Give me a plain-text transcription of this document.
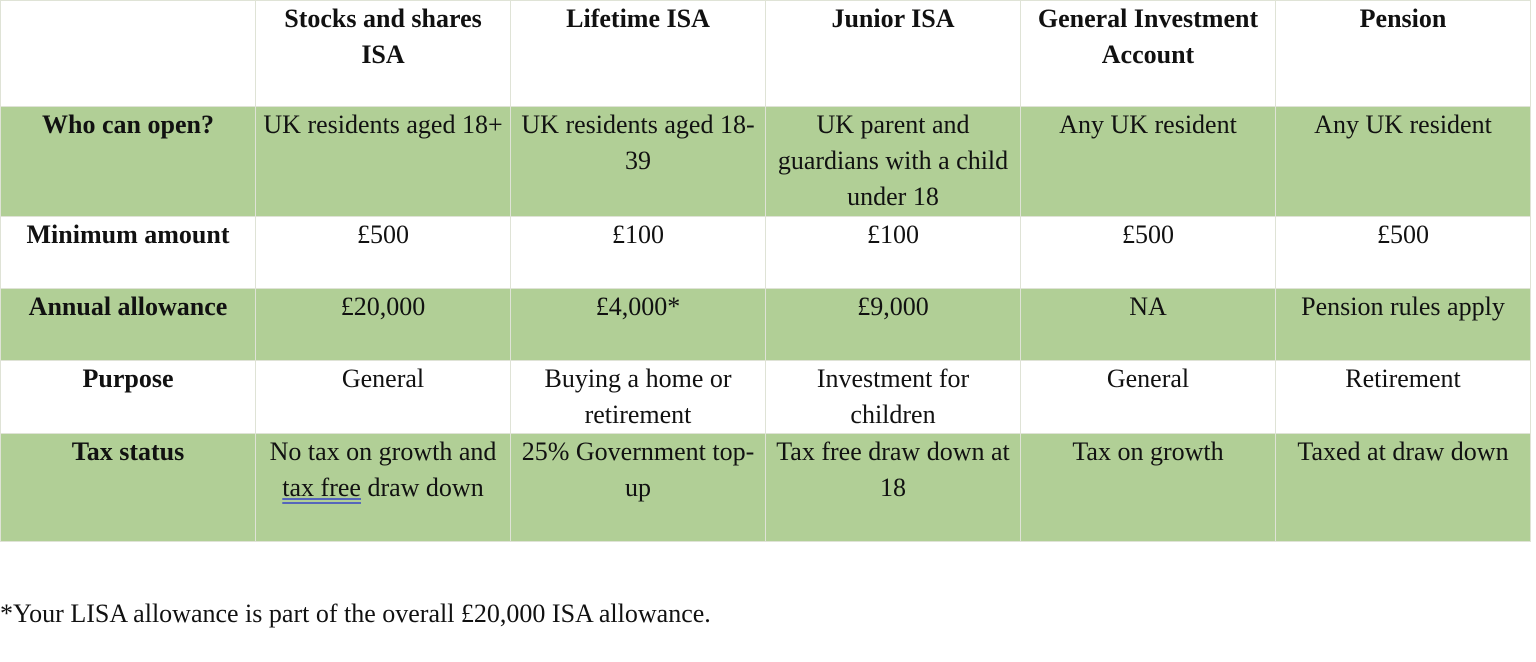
	Stocks and shares ISA	Lifetime ISA	Junior ISA	General Investment Account	Pension
Who can open?	UK residents aged 18+	UK residents aged 18-39	UK parent and guardians with a child under 18	Any UK resident	Any UK resident
Minimum amount	£500	£100	£100	£500	£500
Annual allowance	£20,000	£4,000*	£9,000	NA	Pension rules apply
Purpose	General	Buying a home or retirement	Investment for children	General	Retirement
Tax status	No tax on growth and tax free draw down	25% Government top-up	Tax free draw down at 18	Tax on growth	Taxed at draw down
*Your LISA allowance is part of the overall £20,000 ISA allowance.
